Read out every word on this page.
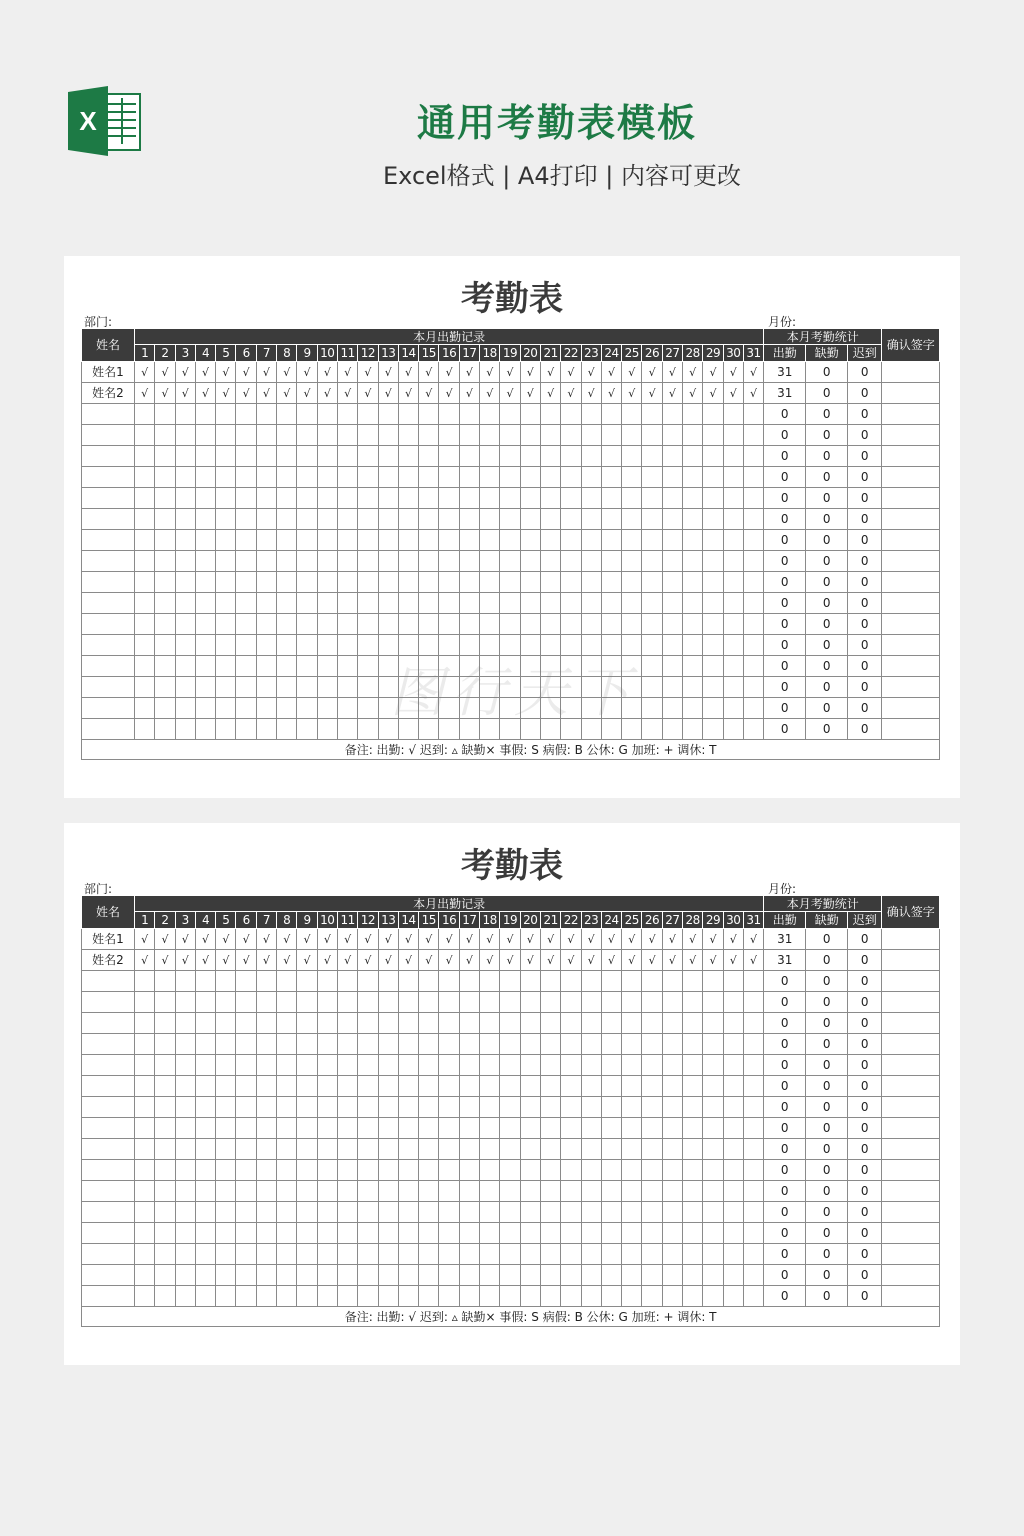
X	通用考勤表模板
Excel格式 | A4打印 | 内容可更改
考勤表
部门:	月份:
姓名	本月出勤记录																															本月考勤统计			确认签字
	1	2	3	4	5	6	7	8	9	10	11	12	13	14	15	16	17	18	19	20	21	22	23	24	25	26	27	28	29	30	31	出勤	缺勤	迟到	
姓名1	√	√	√	√	√	√	√	√	√	√	√	√	√	√	√	√	√	√	√	√	√	√	√	√	√	√	√	√	√	√	√	31	0	0	
姓名2	√	√	√	√	√	√	√	√	√	√	√	√	√	√	√	√	√	√	√	√	√	√	√	√	√	√	√	√	√	√	√	31	0	0	
																																0	0	0	
																																0	0	0	
																																0	0	0	
																																0	0	0	
																																0	0	0	
																																0	0	0	
																																0	0	0	
																																0	0	0	
																																0	0	0	
																																0	0	0	
																																0	0	0	
																																0	0	0	
																																0	0	0	
																																0	0	0	
																																0	0	0	
																																0	0	0	
备注: 出勤: √ 迟到: ▵ 缺勤× 事假: S 病假: B 公休: G 加班: + 调休: T																																			
考勤表
部门:	月份:
姓名	本月出勤记录																															本月考勤统计			确认签字
	1	2	3	4	5	6	7	8	9	10	11	12	13	14	15	16	17	18	19	20	21	22	23	24	25	26	27	28	29	30	31	出勤	缺勤	迟到	
姓名1	√	√	√	√	√	√	√	√	√	√	√	√	√	√	√	√	√	√	√	√	√	√	√	√	√	√	√	√	√	√	√	31	0	0	
姓名2	√	√	√	√	√	√	√	√	√	√	√	√	√	√	√	√	√	√	√	√	√	√	√	√	√	√	√	√	√	√	√	31	0	0	
																																0	0	0	
																																0	0	0	
																																0	0	0	
																																0	0	0	
																																0	0	0	
																																0	0	0	
																																0	0	0	
																																0	0	0	
																																0	0	0	
																																0	0	0	
																																0	0	0	
																																0	0	0	
																																0	0	0	
																																0	0	0	
																																0	0	0	
																																0	0	0	
备注: 出勤: √ 迟到: ▵ 缺勤× 事假: S 病假: B 公休: G 加班: + 调休: T																																			
